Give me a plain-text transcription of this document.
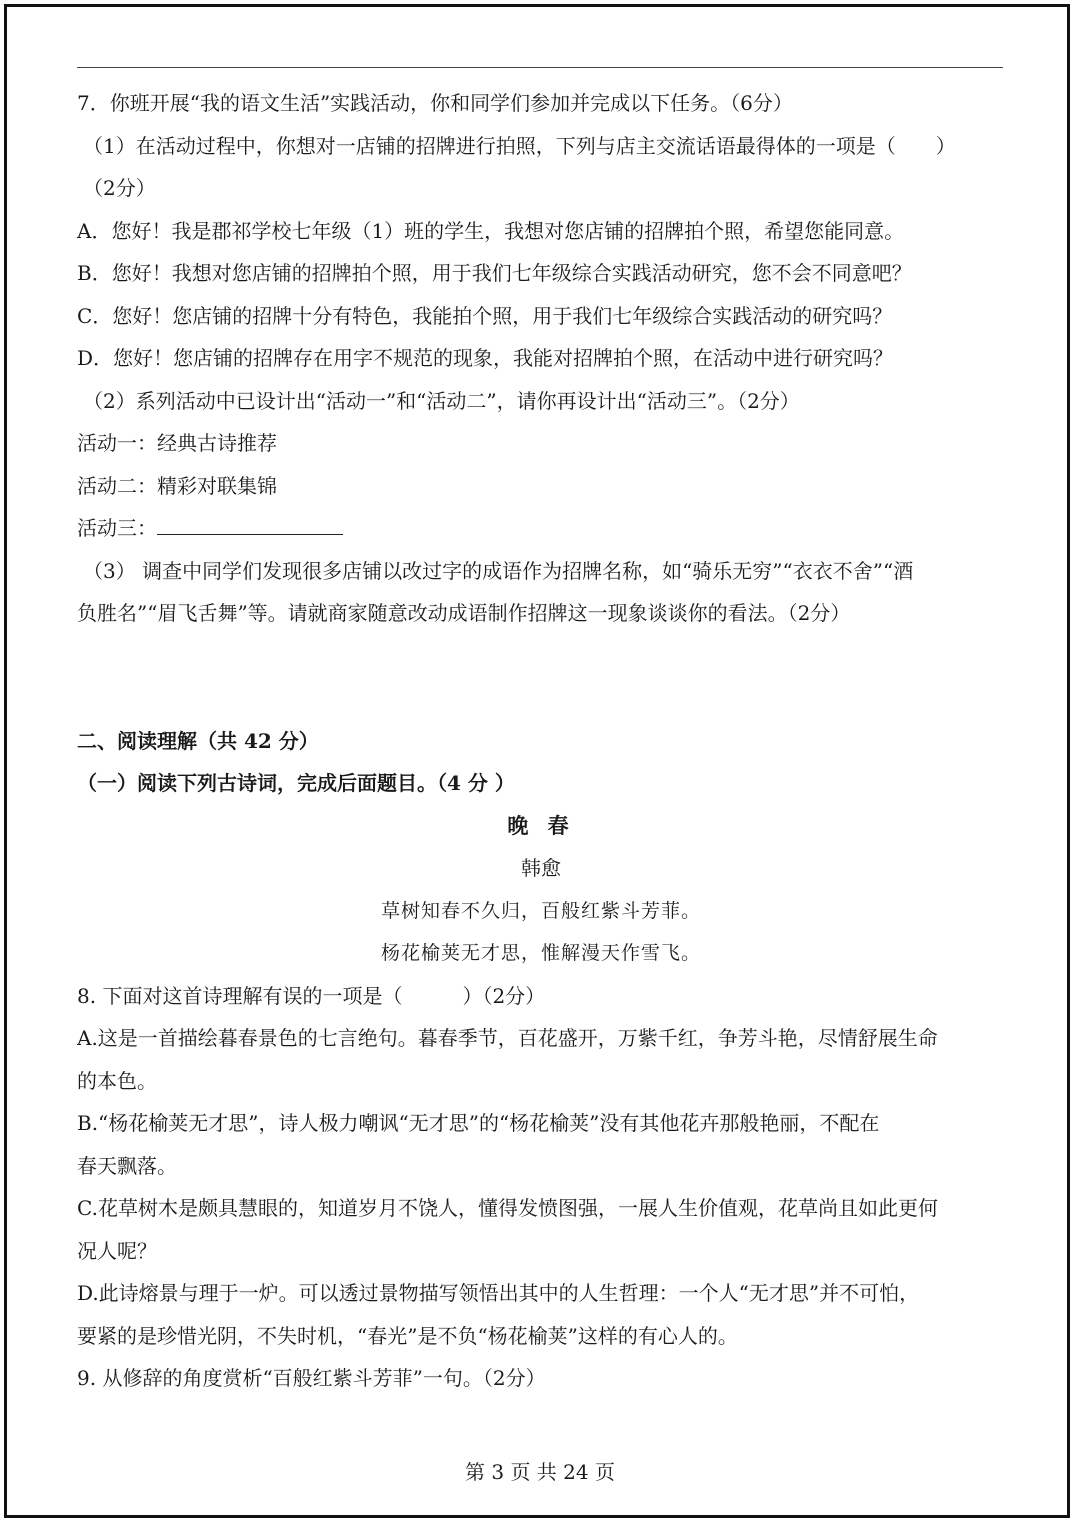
7．你班开展“我的语文生活”实践活动，你和同学们参加并完成以下任务。（6分）
（1）在活动过程中，你想对一店铺的招牌进行拍照，下列与店主交流话语最得体的一项是（　　）
（2分）
A．您好！我是郡祁学校七年级（1）班的学生，我想对您店铺的招牌拍个照，希望您能同意。
B．您好！我想对您店铺的招牌拍个照，用于我们七年级综合实践活动研究，您不会不同意吧？
C．您好！您店铺的招牌十分有特色，我能拍个照，用于我们七年级综合实践活动的研究吗？
D．您好！您店铺的招牌存在用字不规范的现象，我能对招牌拍个照，在活动中进行研究吗？
（2）系列活动中已设计出“活动一”和“活动二”，请你再设计出“活动三”。（2分）
活动一：经典古诗推荐
活动二：精彩对联集锦
活动三：
（3） 调查中同学们发现很多店铺以改过字的成语作为招牌名称，如“骑乐无穷”“衣衣不舍”“酒
负胜名”“眉飞舌舞”等。请就商家随意改动成语制作招牌这一现象谈谈你的看法。（2分）
二、阅读理解（共 42 分）
（一）阅读下列古诗词，完成后面题目。（4 分 ）
晚 春
韩愈
草树知春不久归，百般红紫斗芳菲。
杨花榆荚无才思，惟解漫天作雪飞。
8. 下面对这首诗理解有误的一项是（　　　）（2分）
A.这是一首描绘暮春景色的七言绝句。暮春季节，百花盛开，万紫千红，争芳斗艳，尽情舒展生命
的本色。
B.“杨花榆荚无才思”，诗人极力嘲讽“无才思”的“杨花榆荚”没有其他花卉那般艳丽，不配在
春天飘落。
C.花草树木是颇具慧眼的，知道岁月不饶人，懂得发愤图强，一展人生价值观，花草尚且如此更何
况人呢？
D.此诗熔景与理于一炉。可以透过景物描写领悟出其中的人生哲理：一个人“无才思”并不可怕，
要紧的是珍惜光阴，不失时机，“春光”是不负“杨花榆荚”这样的有心人的。
9. 从修辞的角度赏析“百般红紫斗芳菲”一句。（2分）
第 3 页 共 24 页
